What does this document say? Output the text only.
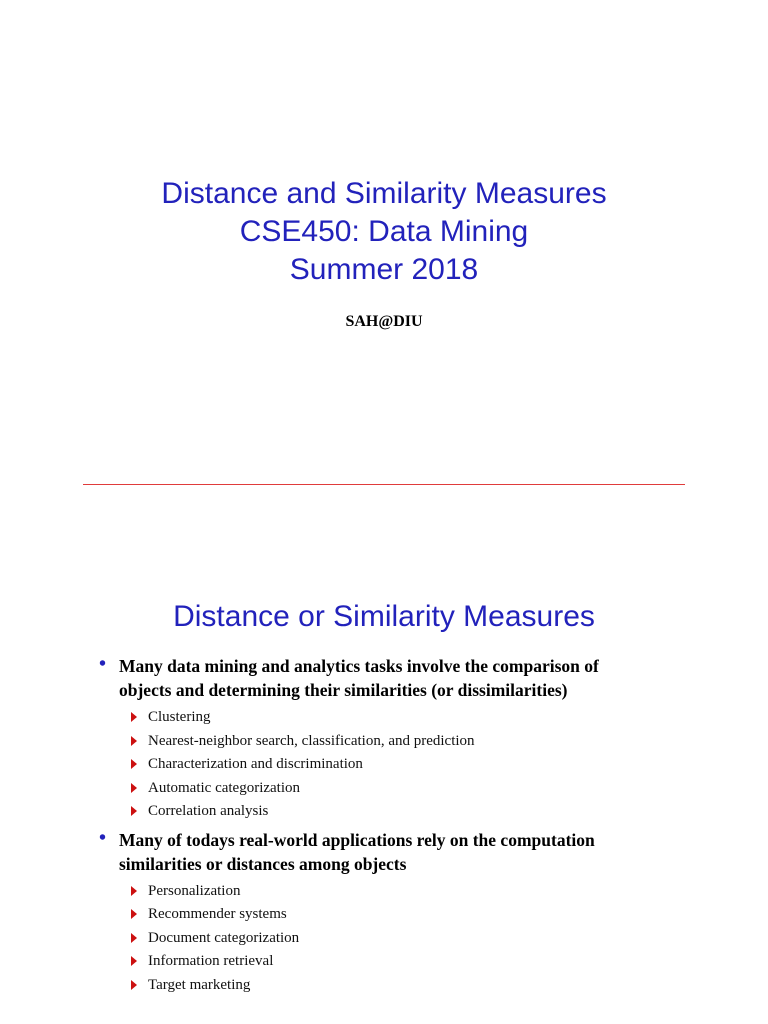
Distance and Similarity Measures
CSE450: Data Mining
Summer 2018
SAH@DIU
Distance or Similarity Measures
• Many data mining and analytics tasks involve the comparison of
objects and determining their similarities (or dissimilarities)
Clustering
Nearest-neighbor search, classification, and prediction
Characterization and discrimination
Automatic categorization
Correlation analysis
• Many of todays real-world applications rely on the computation
similarities or distances among objects
Personalization
Recommender systems
Document categorization
Information retrieval
Target marketing
